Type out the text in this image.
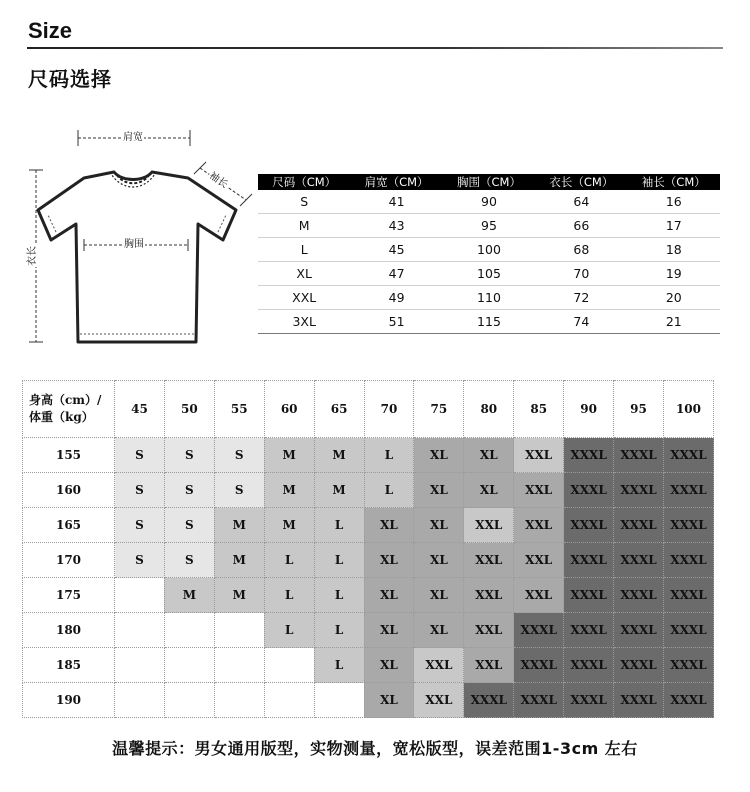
Size
尺码选择
肩宽
袖长
胸围
衣长
尺码（CM）	肩宽（CM）	胸围（CM）	衣长（CM）	袖长（CM）
S	41	90	64	16
M	43	95	66	17
L	45	100	68	18
XL	47	105	70	19
XXL	49	110	72	20
3XL	51	115	74	21
身高（cm）/
体重（kg）	45	50	55	60	65	70	75	80	85	90	95	100
155	S	S	S	M	M	L	XL	XL	XXL	XXXL	XXXL	XXXL
160	S	S	S	M	M	L	XL	XL	XXL	XXXL	XXXL	XXXL
165	S	S	M	M	L	XL	XL	XXL	XXL	XXXL	XXXL	XXXL
170	S	S	M	L	L	XL	XL	XXL	XXL	XXXL	XXXL	XXXL
175		M	M	L	L	XL	XL	XXL	XXL	XXXL	XXXL	XXXL
180				L	L	XL	XL	XXL	XXXL	XXXL	XXXL	XXXL
185					L	XL	XXL	XXL	XXXL	XXXL	XXXL	XXXL
190						XL	XXL	XXXL	XXXL	XXXL	XXXL	XXXL
温馨提示：男女通用版型，实物测量，宽松版型，误差范围1-3cm 左右
